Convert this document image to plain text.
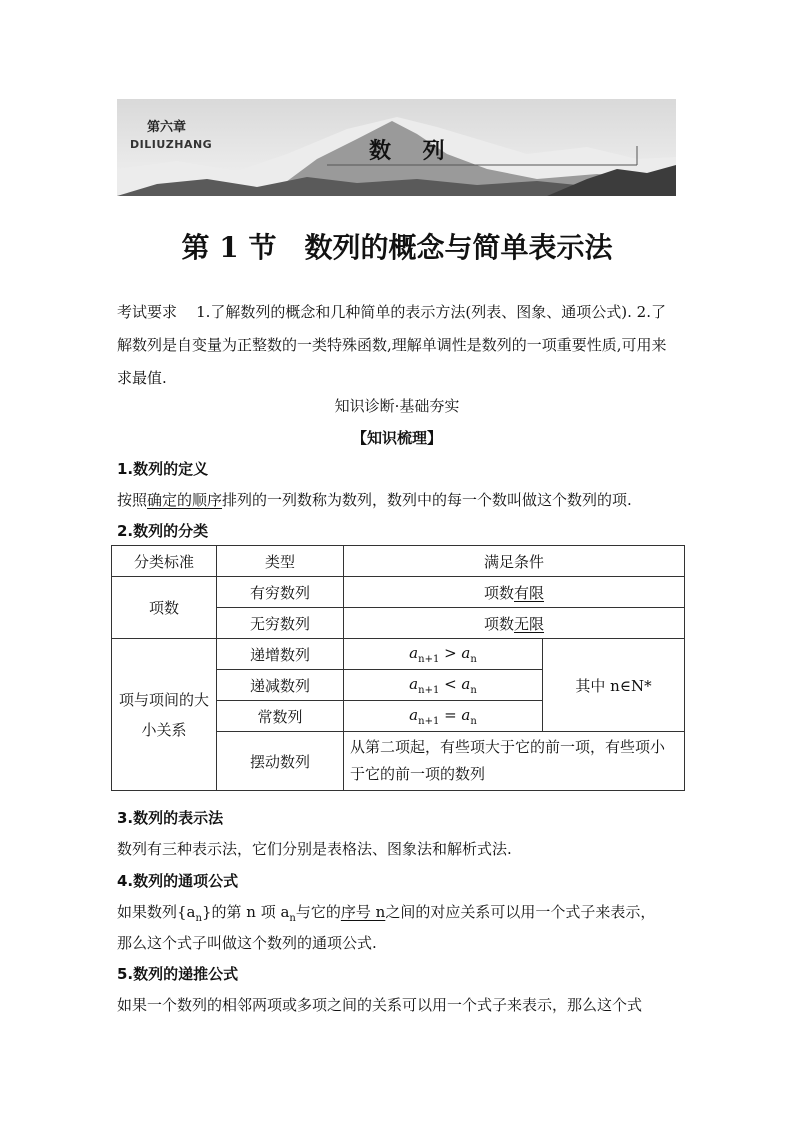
第六章
DILIUZHANG	数 列
第 1 节　数列的概念与简单表示法
考试要求 1.了解数列的概念和几种简单的表示方法(列表、图象、通项公式). 2.了解数列是自变量为正整数的一类特殊函数,理解单调性是数列的一项重要性质,可用来求最值.
知识诊断·基础夯实
【知识梳理】
1.数列的定义
按照确定的顺序排列的一列数称为数列，数列中的每一个数叫做这个数列的项.
2.数列的分类
分类标准	类型	满足条件	
项数	有穷数列	项数有限	
	无穷数列	项数无限	
项与项间的大小关系	递增数列	$a_{n+1} > a_n$	其中 n∈N*
	递减数列	$a_{n+1} < a_n$
	常数列	$a_{n+1} = a_n$
	摆动数列	从第二项起，有些项大于它的前一项，有些项小于它的前一项的数列	
3.数列的表示法
数列有三种表示法，它们分别是表格法、图象法和解析式法.
4.数列的通项公式
如果数列$\{a_n\}$的第 n 项 $a_n$与它的序号 n之间的对应关系可以用一个式子来表示，
那么这个式子叫做这个数列的通项公式.
5.数列的递推公式
如果一个数列的相邻两项或多项之间的关系可以用一个式子来表示，那么这个式
